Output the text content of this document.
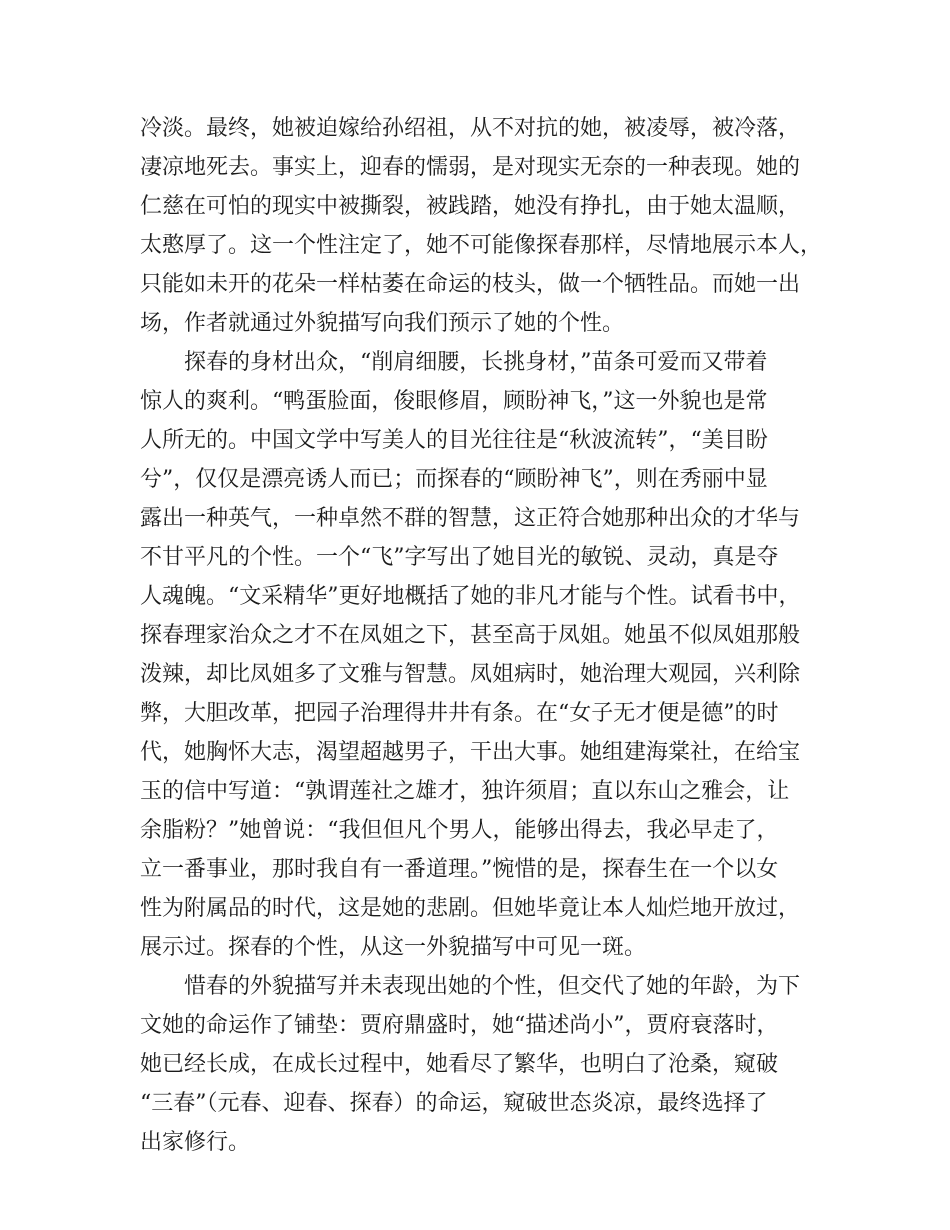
冷淡。最终，她被迫嫁给孙绍祖，从不对抗的她，被凌辱，被冷落，
凄凉地死去。事实上，迎春的懦弱，是对现实无奈的一种表现。她的
仁慈在可怕的现实中被撕裂，被践踏，她没有挣扎，由于她太温顺，
太憨厚了。这一个性注定了，她不可能像探春那样，尽情地展示本人，
只能如未开的花朵一样枯萎在命运的枝头，做一个牺牲品。而她一出
场，作者就通过外貌描写向我们预示了她的个性。
探春的身材出众，“削肩细腰，长挑身材，”苗条可爱而又带着
惊人的爽利。“鸭蛋脸面，俊眼修眉，顾盼神飞，”这一外貌也是常
人所无的。中国文学中写美人的目光往往是“秋波流转”，“美目盼
兮”，仅仅是漂亮诱人而已；而探春的“顾盼神飞”，则在秀丽中显
露出一种英气，一种卓然不群的智慧，这正符合她那种出众的才华与
不甘平凡的个性。一个“飞”字写出了她目光的敏锐、灵动，真是夺
人魂魄。“文采精华”更好地概括了她的非凡才能与个性。试看书中，
探春理家治众之才不在凤姐之下，甚至高于凤姐。她虽不似凤姐那般
泼辣，却比凤姐多了文雅与智慧。凤姐病时，她治理大观园，兴利除
弊，大胆改革，把园子治理得井井有条。在“女子无才便是德”的时
代，她胸怀大志，渴望超越男子，干出大事。她组建海棠社，在给宝
玉的信中写道：“孰谓莲社之雄才，独许须眉；直以东山之雅会，让
余脂粉？”她曾说：“我但但凡个男人，能够出得去，我必早走了，
立一番事业，那时我自有一番道理。”惋惜的是，探春生在一个以女
性为附属品的时代，这是她的悲剧。但她毕竟让本人灿烂地开放过，
展示过。探春的个性，从这一外貌描写中可见一斑。
惜春的外貌描写并未表现出她的个性，但交代了她的年龄，为下
文她的命运作了铺垫：贾府鼎盛时，她“描述尚小”，贾府衰落时，
她已经长成，在成长过程中，她看尽了繁华，也明白了沧桑，窥破
“三春”（元春、迎春、探春）的命运，窥破世态炎凉，最终选择了
出家修行。
